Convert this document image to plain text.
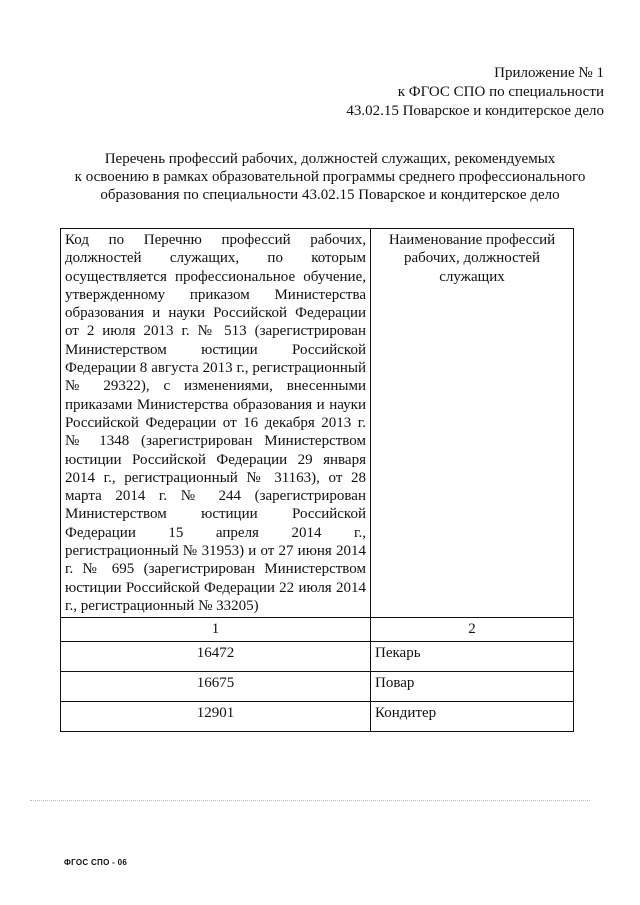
Приложение № 1
к ФГОС СПО по специальности
43.02.15 Поварское и кондитерское дело
Перечень профессий рабочих, должностей служащих, рекомендуемых
к освоению в рамках образовательной программы среднего профессионального
образования по специальности 43.02.15 Поварское и кондитерское дело
Код по Перечню профессий рабочих, должностей служащих, по которым осуществляется профессиональное обучение, утвержденному приказом Министерства образования и науки Российской Федерации от 2 июля 2013 г. № 513 (зарегистрирован Министерством юстиции Российской Федерации 8 августа 2013 г., регистрационный № 29322), с изменениями, внесенными приказами Министерства образования и науки Российской Федерации от 16 декабря 2013 г. № 1348 (зарегистрирован Министерством юстиции Российской Федерации 29 января 2014 г., регистрационный № 31163), от 28 марта 2014 г. № 244 (зарегистрирован Министерством юстиции Российской Федерации 15 апреля 2014 г., регистрационный № 31953) и от 27 июня 2014 г. № 695 (зарегистрирован Министерством юстиции Российской Федерации 22 июля 2014 г., регистрационный № 33205)	Наименование профессий рабочих, должностей служащих
1	2
16472	Пекарь
16675	Повар
12901	Кондитер
ФГОС СПО - 06
